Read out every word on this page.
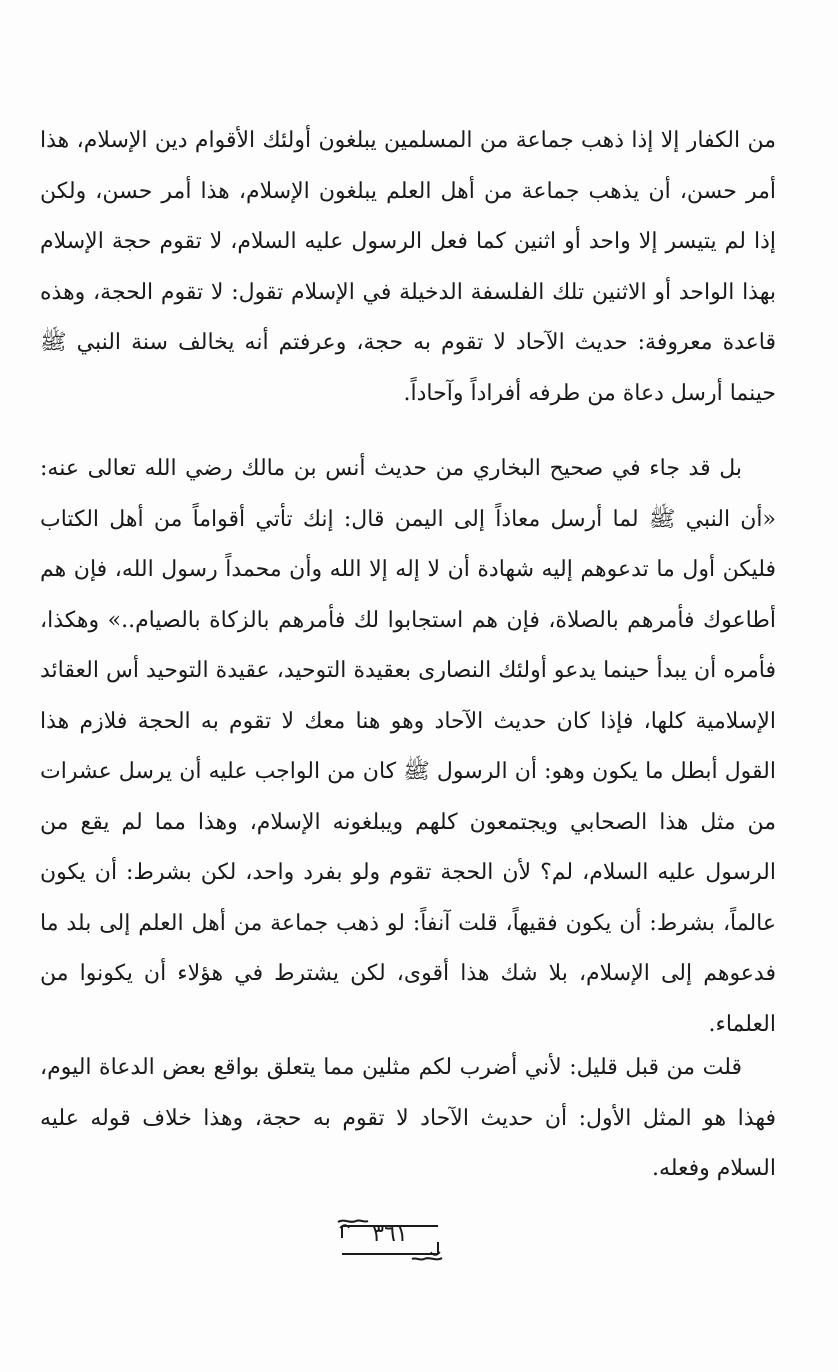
من الكفار إلا إذا ذهب جماعة من المسلمين يبلغون أولئك الأقوام دين الإسلام، هذا أمر حسن، أن يذهب جماعة من أهل العلم يبلغون الإسلام، هذا أمر حسن، ولكن إذا لم يتيسر إلا واحد أو اثنين كما فعل الرسول عليه السلام، لا تقوم حجة الإسلام بهذا الواحد أو الاثنين تلك الفلسفة الدخيلة في الإسلام تقول: لا تقوم الحجة، وهذه قاعدة معروفة: حديث الآحاد لا تقوم به حجة، وعرفتم أنه يخالف سنة النبي ﷺ حينما أرسل دعاة من طرفه أفراداً وآحاداً.

بل قد جاء في صحيح البخاري من حديث أنس بن مالك رضي الله تعالى عنه: «أن النبي ﷺ لما أرسل معاذاً إلى اليمن قال: إنك تأتي أقواماً من أهل الكتاب فليكن أول ما تدعوهم إليه شهادة أن لا إله إلا الله وأن محمداً رسول الله، فإن هم أطاعوك فأمرهم بالصلاة، فإن هم استجابوا لك فأمرهم بالزكاة بالصيام..» وهكذا، فأمره أن يبدأ حينما يدعو أولئك النصارى بعقيدة التوحيد، عقيدة التوحيد أس العقائد الإسلامية كلها، فإذا كان حديث الآحاد وهو هنا معك لا تقوم به الحجة فلازم هذا القول أبطل ما يكون وهو: أن الرسول ﷺ كان من الواجب عليه أن يرسل عشرات من مثل هذا الصحابي ويجتمعون كلهم ويبلغونه الإسلام، وهذا مما لم يقع من الرسول عليه السلام، لم؟ لأن الحجة تقوم ولو بفرد واحد، لكن بشرط: أن يكون عالماً، بشرط: أن يكون فقيهاً، قلت آنفاً: لو ذهب جماعة من أهل العلم إلى بلد ما فدعوهم إلى الإسلام، بلا شك هذا أقوى، لكن يشترط في هؤلاء أن يكونوا من العلماء.

قلت من قبل قليل: لأني أضرب لكم مثلين مما يتعلق بواقع بعض الدعاة اليوم، فهذا هو المثل الأول: أن حديث الآحاد لا تقوم به حجة، وهذا خلاف قوله عليه السلام وفعله.

٣٦١
